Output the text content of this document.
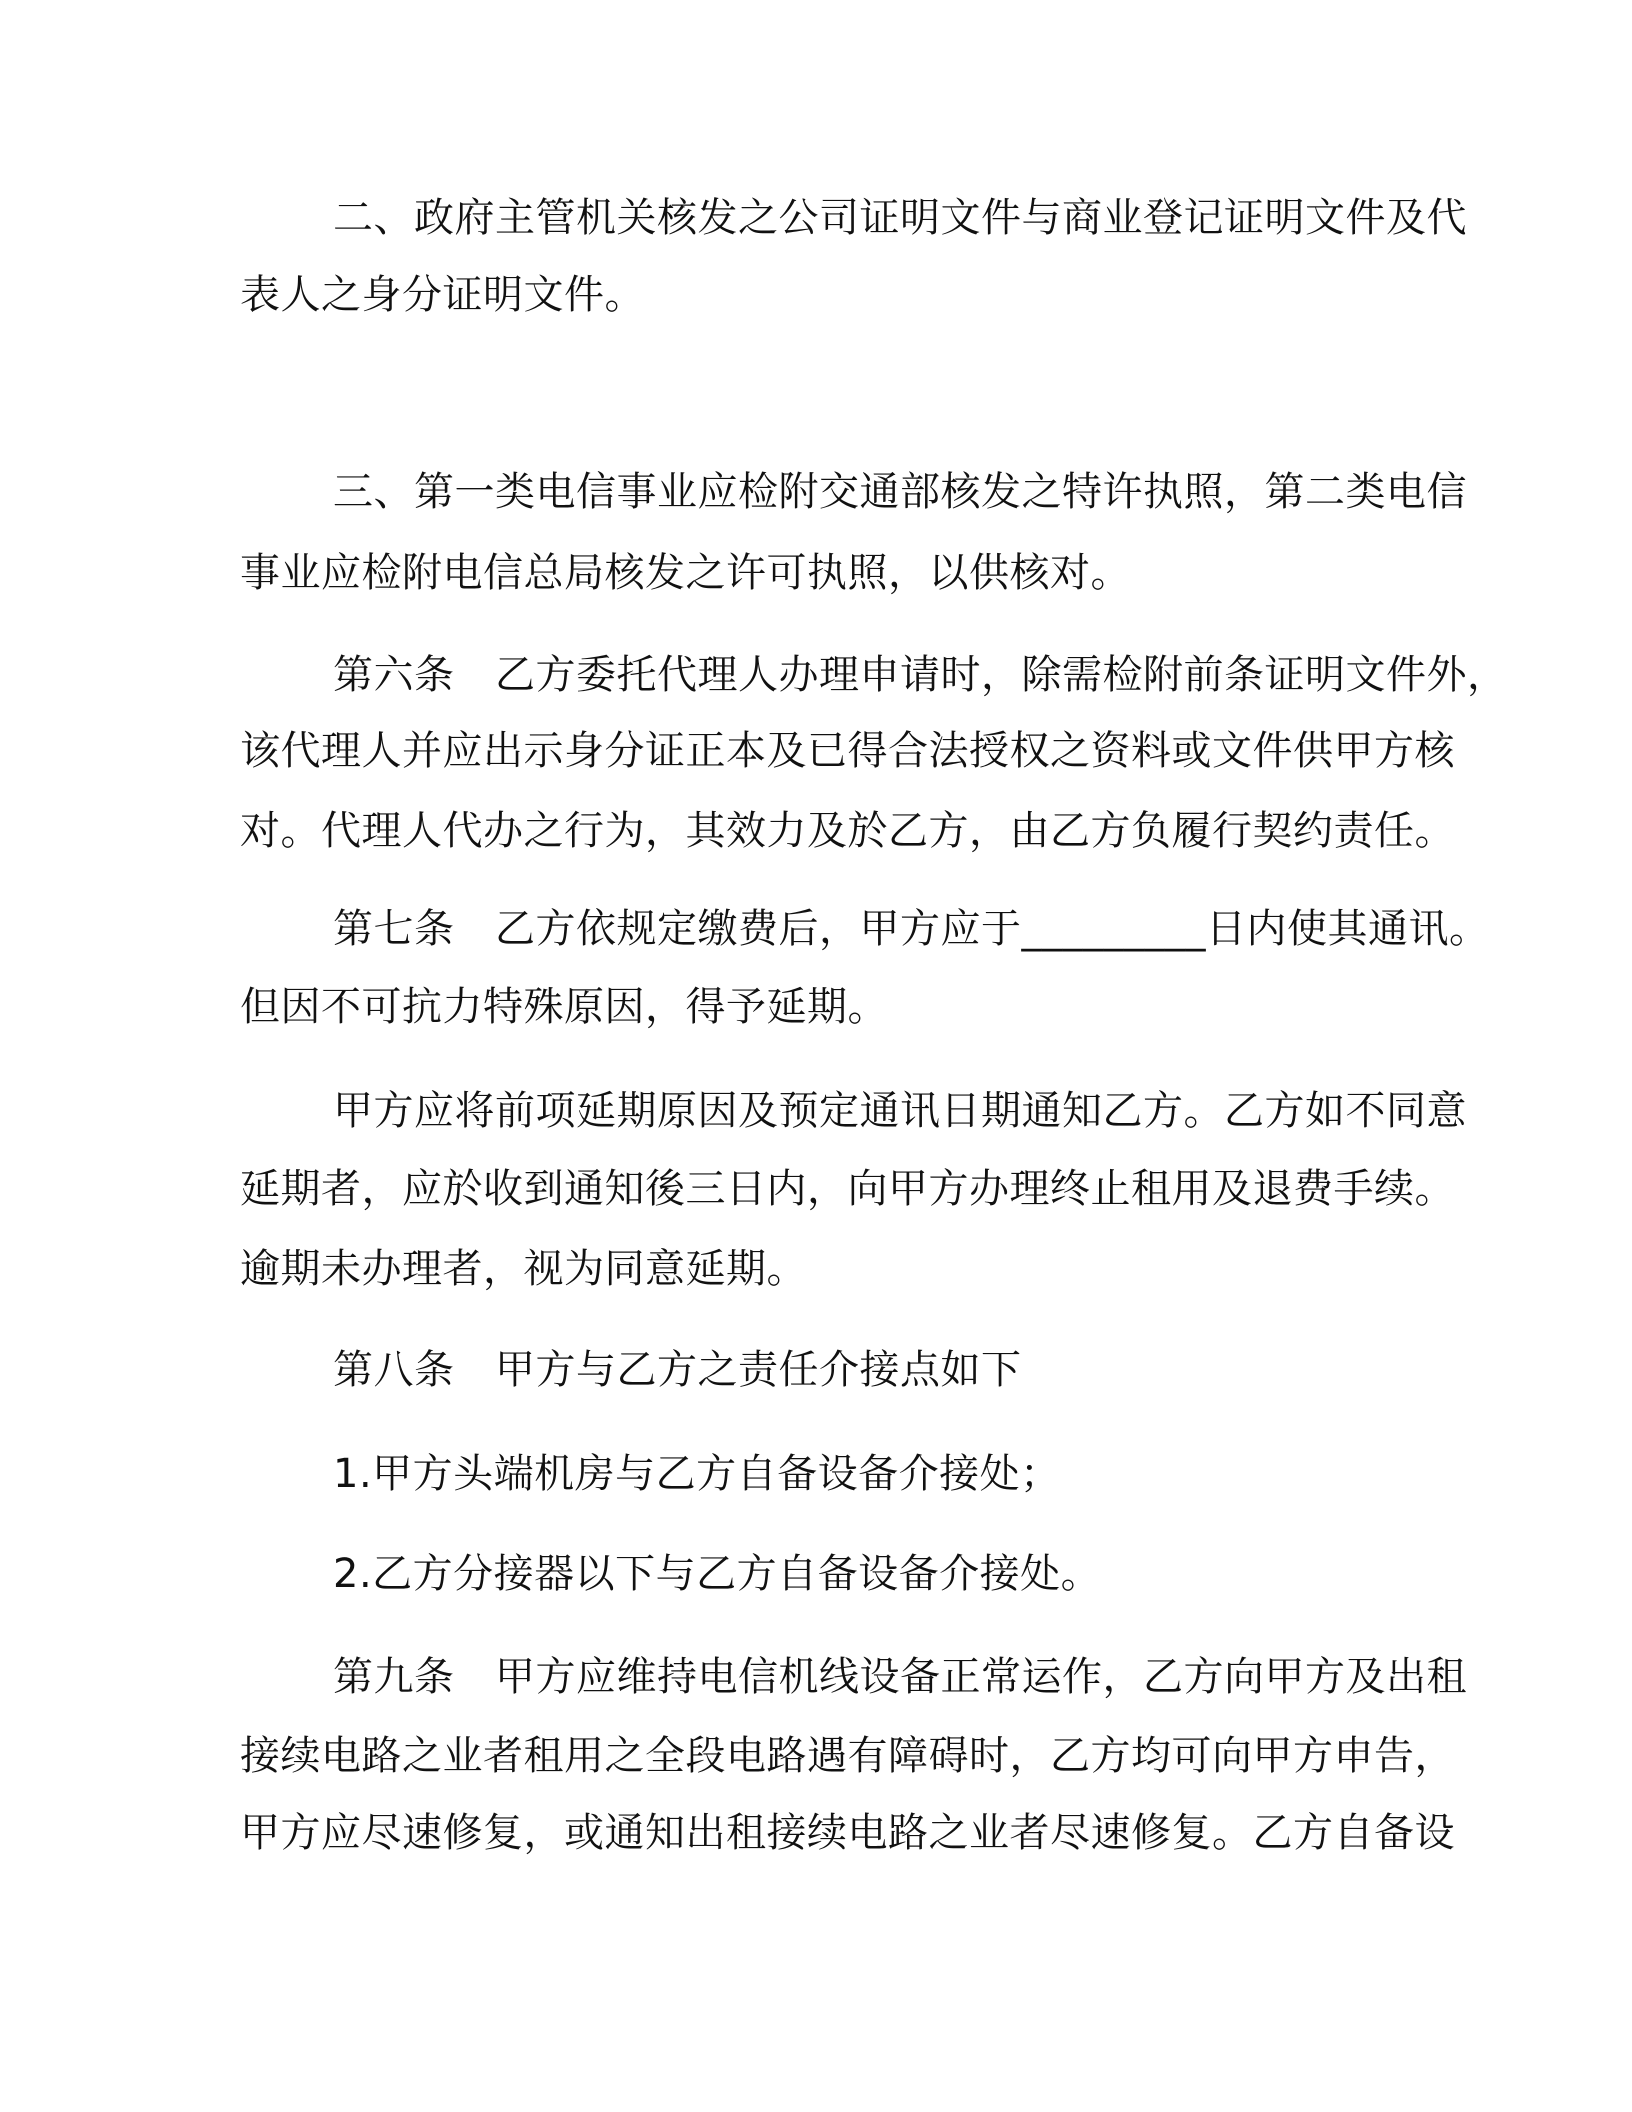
二、政府主管机关核发之公司证明文件与商业登记证明文件及代
表人之身分证明文件。
三、第一类电信事业应检附交通部核发之特许执照，第二类电信
事业应检附电信总局核发之许可执照，以供核对。
第六条　乙方委托代理人办理申请时，除需检附前条证明文件外，
该代理人并应出示身分证正本及已得合法授权之资料或文件供甲方核
对。代理人代办之行为，其效力及於乙方，由乙方负履行契约责任。
第七条　乙方依规定缴费后，甲方应于_________日内使其通讯。
但因不可抗力特殊原因，得予延期。
甲方应将前项延期原因及预定通讯日期通知乙方。乙方如不同意
延期者，应於收到通知後三日内，向甲方办理终止租用及退费手续。
逾期未办理者，视为同意延期。
第八条　甲方与乙方之责任介接点如下
1.甲方头端机房与乙方自备设备介接处；
2.乙方分接器以下与乙方自备设备介接处。
第九条　甲方应维持电信机线设备正常运作，乙方向甲方及出租
接续电路之业者租用之全段电路遇有障碍时，乙方均可向甲方申告，
甲方应尽速修复，或通知出租接续电路之业者尽速修复。乙方自备设
